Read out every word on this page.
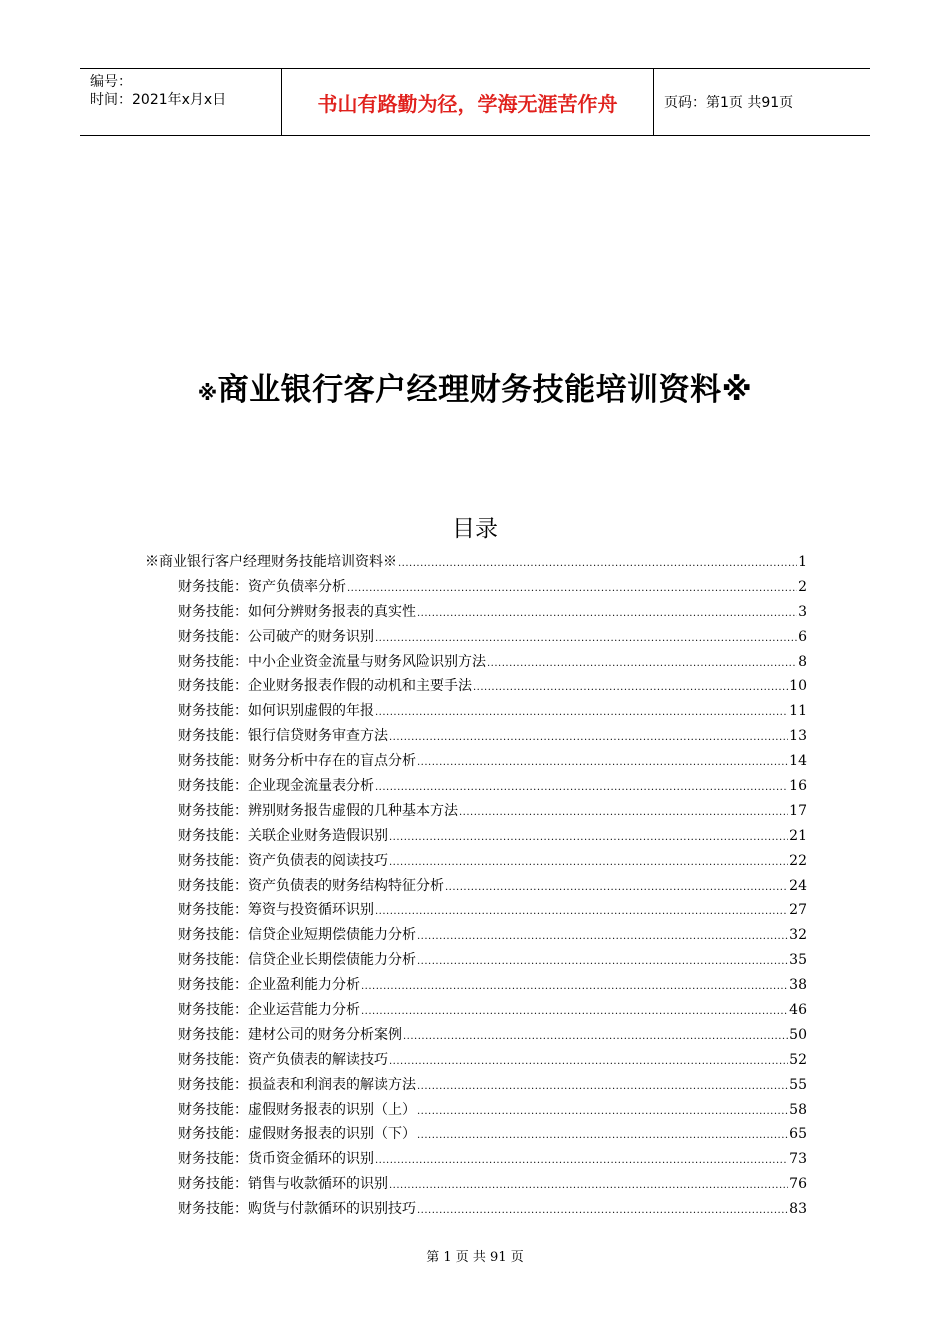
编号：
时间：2021年x月x日	书山有路勤为径，学海无涯苦作舟	页码：第1页 共91页
※商业银行客户经理财务技能培训资料※
目录
※商业银行客户经理财务技能培训资料※ .....	1
财务技能：资产负债率分析 .....	2
财务技能：如何分辨财务报表的真实性 .....	3
财务技能：公司破产的财务识别 .....	6
财务技能：中小企业资金流量与财务风险识别方法 .....	8
财务技能：企业财务报表作假的动机和主要手法 .....	10
财务技能：如何识别虚假的年报 .....	11
财务技能：银行信贷财务审查方法 .....	13
财务技能：财务分析中存在的盲点分析 .....	14
财务技能：企业现金流量表分析 .....	16
财务技能：辨别财务报告虚假的几种基本方法 .....	17
财务技能：关联企业财务造假识别 .....	21
财务技能：资产负债表的阅读技巧 .....	22
财务技能：资产负债表的财务结构特征分析 .....	24
财务技能：筹资与投资循环识别 .....	27
财务技能：信贷企业短期偿债能力分析 .....	32
财务技能：信贷企业长期偿债能力分析 .....	35
财务技能：企业盈利能力分析 .....	38
财务技能：企业运营能力分析 .....	46
财务技能：建材公司的财务分析案例 .....	50
财务技能：资产负债表的解读技巧 .....	52
财务技能：损益表和利润表的解读方法 .....	55
财务技能：虚假财务报表的识别（上） .....	58
财务技能：虚假财务报表的识别（下） .....	65
财务技能：货币资金循环的识别 .....	73
财务技能：销售与收款循环的识别 .....	76
财务技能：购货与付款循环的识别技巧 .....	83
第 1 页 共 91 页
